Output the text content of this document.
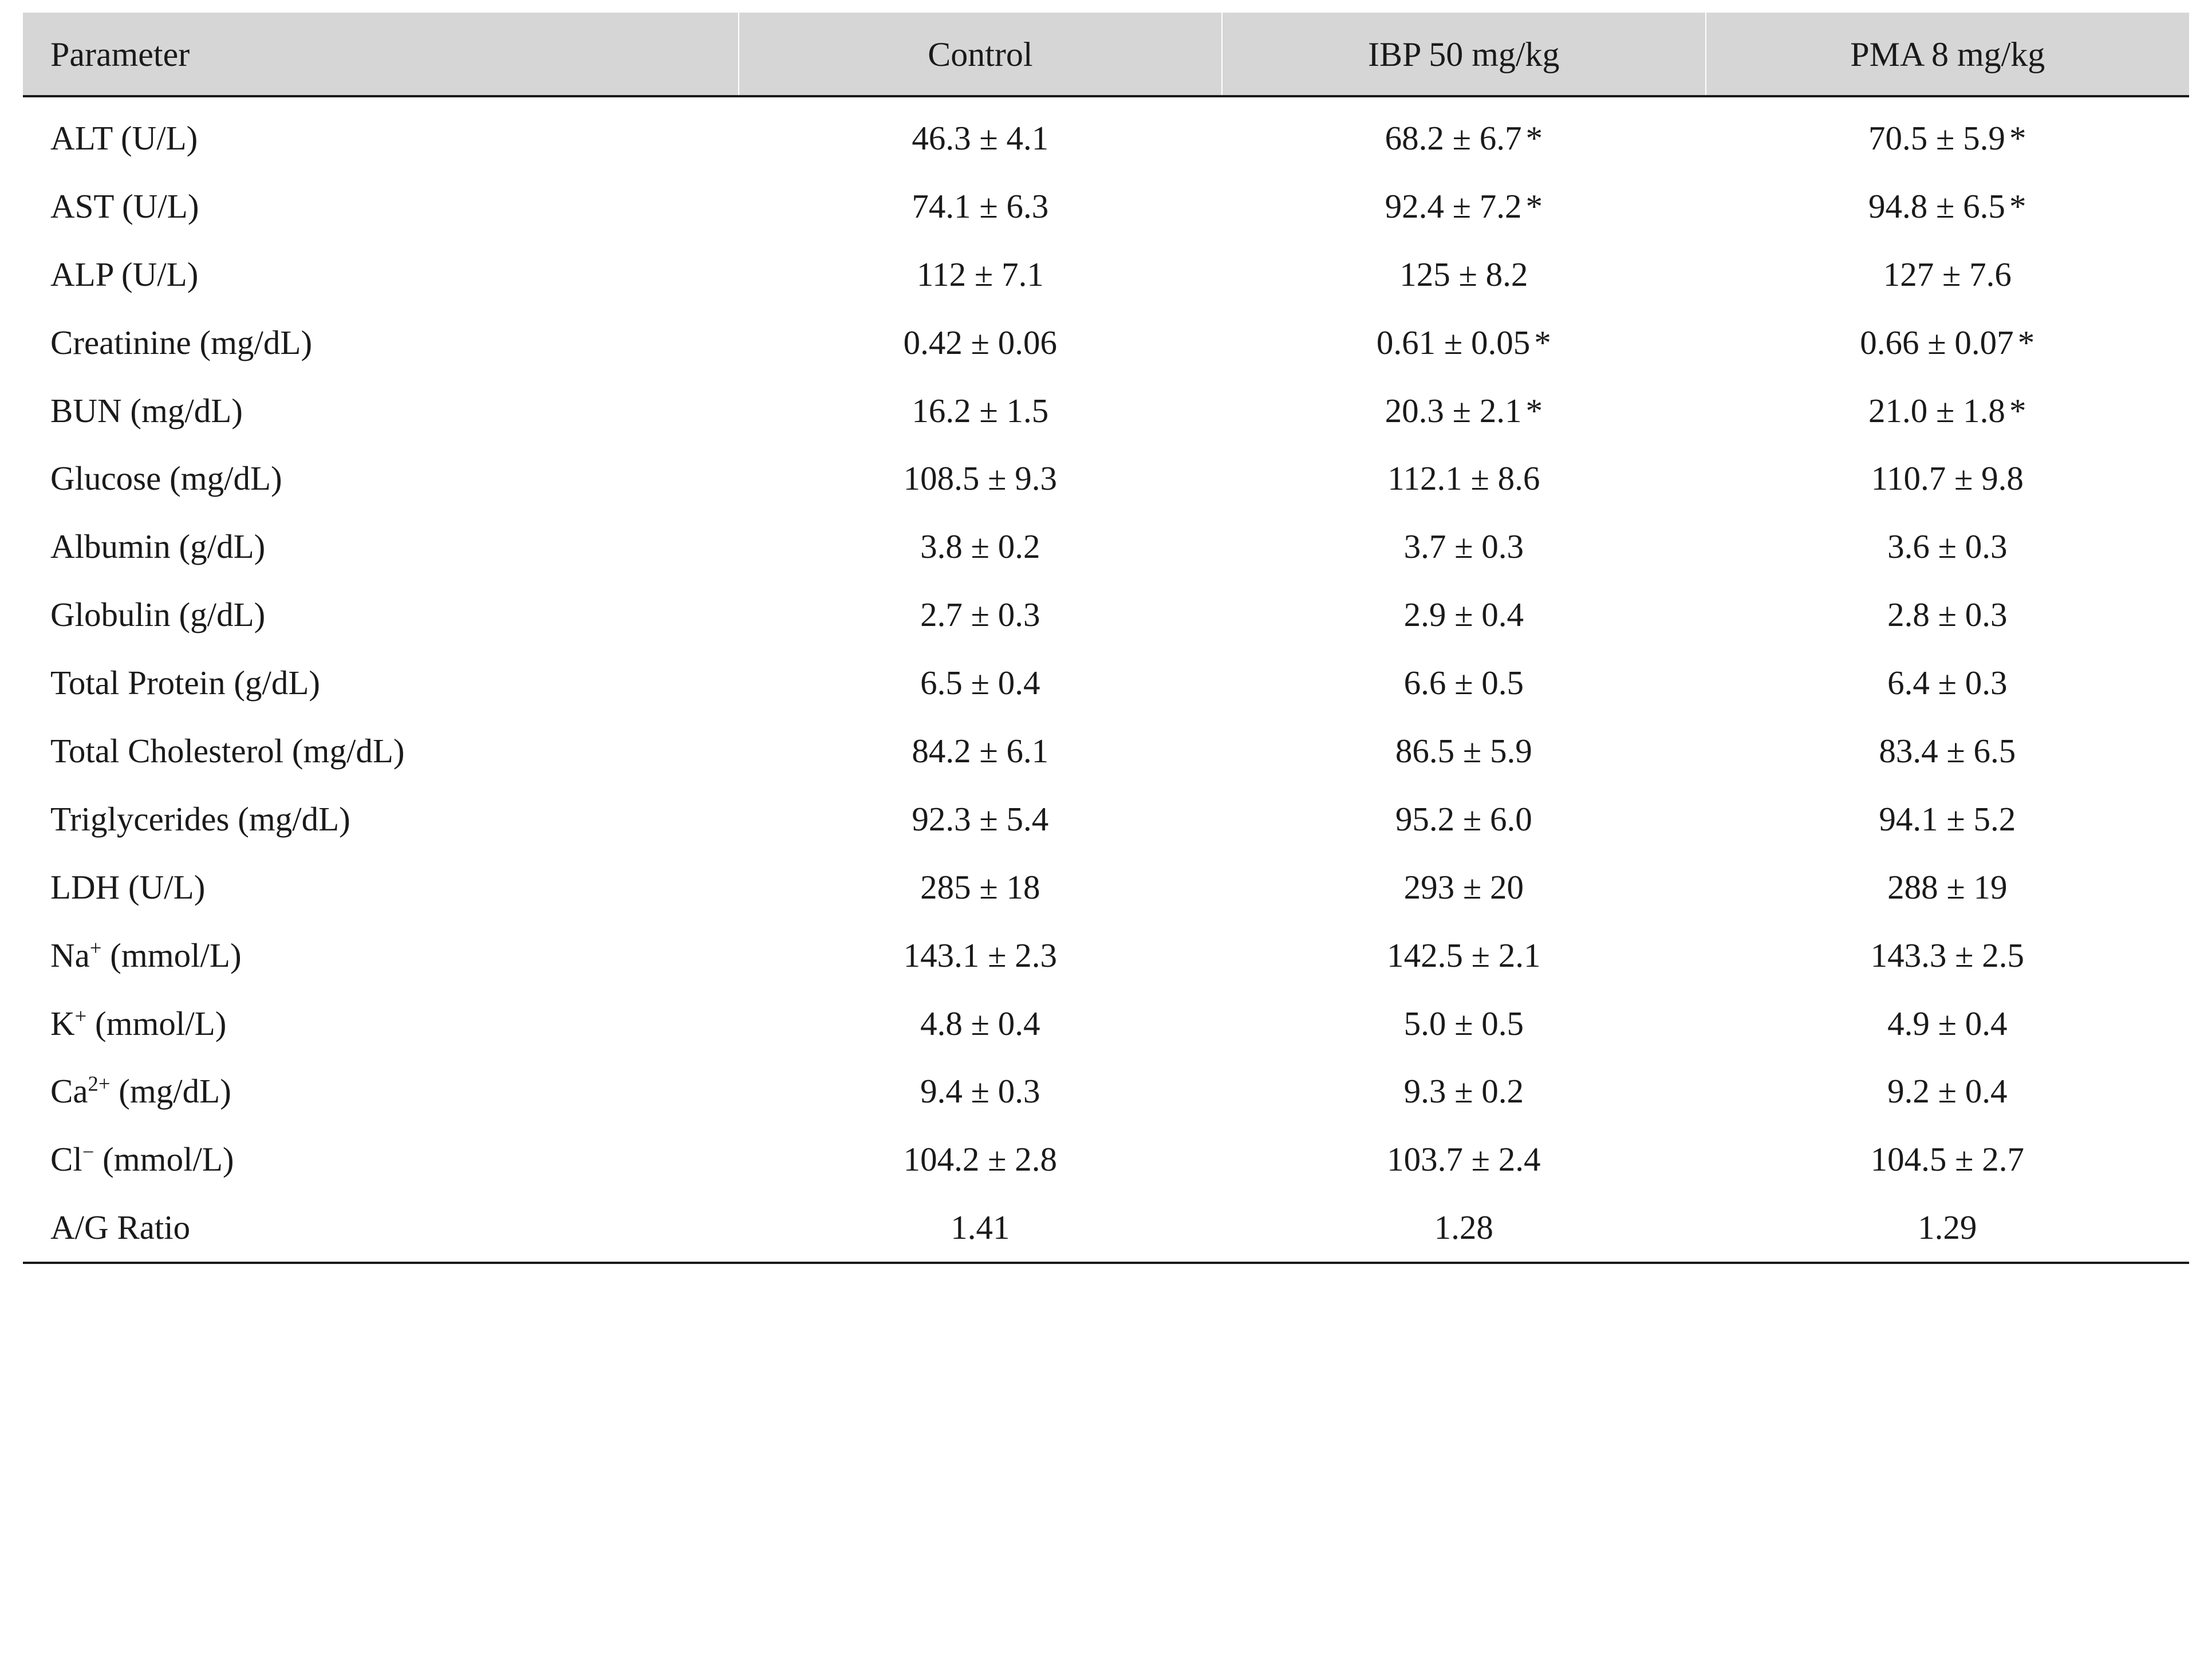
Parameter	Control	IBP 50 mg/kg	PMA 8 mg/kg

ALT (U/L)	46.3 ± 4.1	68.2 ± 6.7 *	70.5 ± 5.9 *
AST (U/L)	74.1 ± 6.3	92.4 ± 7.2 *	94.8 ± 6.5 *
ALP (U/L)	112 ± 7.1	125 ± 8.2	127 ± 7.6
Creatinine (mg/dL)	0.42 ± 0.06	0.61 ± 0.05 *	0.66 ± 0.07 *
BUN (mg/dL)	16.2 ± 1.5	20.3 ± 2.1 *	21.0 ± 1.8 *
Glucose (mg/dL)	108.5 ± 9.3	112.1 ± 8.6	110.7 ± 9.8
Albumin (g/dL)	3.8 ± 0.2	3.7 ± 0.3	3.6 ± 0.3
Globulin (g/dL)	2.7 ± 0.3	2.9 ± 0.4	2.8 ± 0.3
Total Protein (g/dL)	6.5 ± 0.4	6.6 ± 0.5	6.4 ± 0.3
Total Cholesterol (mg/dL)	84.2 ± 6.1	86.5 ± 5.9	83.4 ± 6.5
Triglycerides (mg/dL)	92.3 ± 5.4	95.2 ± 6.0	94.1 ± 5.2
LDH (U/L)	285 ± 18	293 ± 20	288 ± 19
Na+ (mmol/L)	143.1 ± 2.3	142.5 ± 2.1	143.3 ± 2.5
K+ (mmol/L)	4.8 ± 0.4	5.0 ± 0.5	4.9 ± 0.4
$Ca^{2+}$ (mg/dL)	9.4 ± 0.3	9.3 ± 0.2	9.2 ± 0.4
Cl− (mmol/L)	104.2 ± 2.8	103.7 ± 2.4	104.5 ± 2.7
A/G Ratio	1.41	1.28	1.29
